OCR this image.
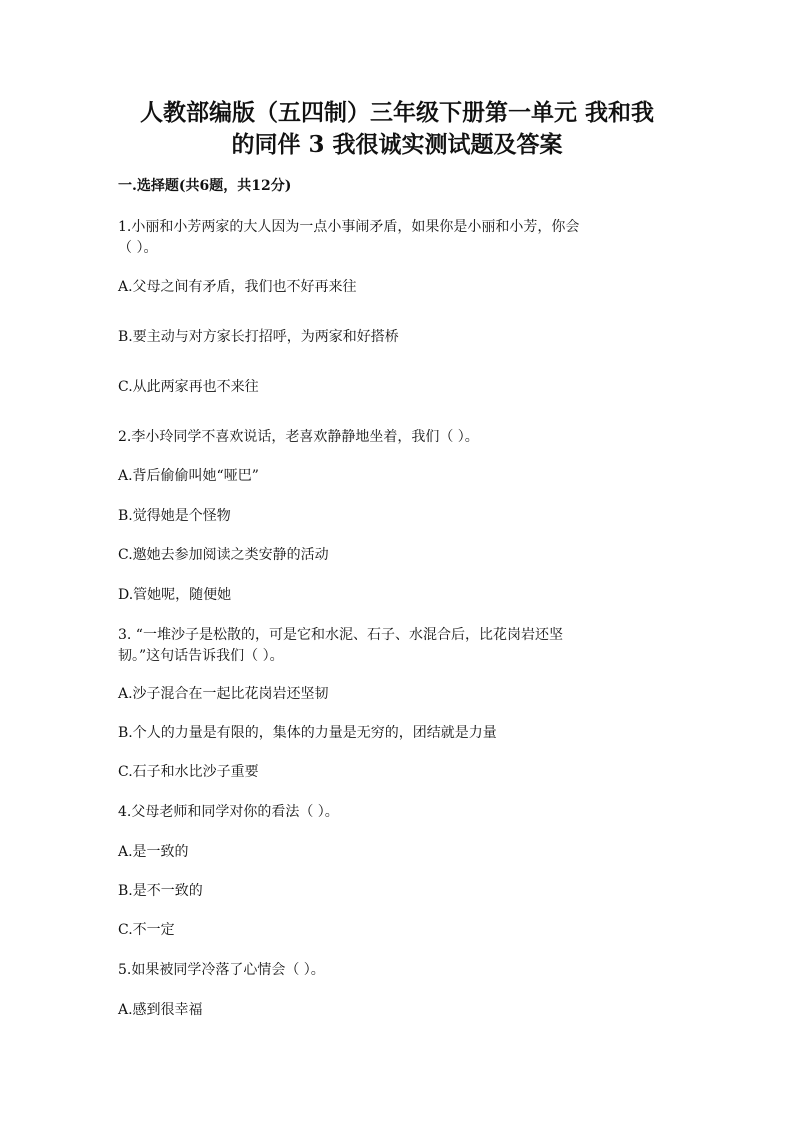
人教部编版（五四制）三年级下册第一单元 我和我
的同伴 3 我很诚实测试题及答案
一.选择题(共6题，共12分)
1.小丽和小芳两家的大人因为一点小事闹矛盾，如果你是小丽和小芳，你会
（ ）。
A.父母之间有矛盾，我们也不好再来往
B.要主动与对方家长打招呼，为两家和好搭桥
C.从此两家再也不来往
2.李小玲同学不喜欢说话，老喜欢静静地坐着，我们（ ）。
A.背后偷偷叫她“哑巴”
B.觉得她是个怪物
C.邀她去参加阅读之类安静的活动
D.管她呢，随便她
3. “一堆沙子是松散的，可是它和水泥、石子、水混合后，比花岗岩还坚
韧。”这句话告诉我们（ ）。
A.沙子混合在一起比花岗岩还坚韧
B.个人的力量是有限的，集体的力量是无穷的，团结就是力量
C.石子和水比沙子重要
4.父母老师和同学对你的看法（ ）。
A.是一致的
B.是不一致的
C.不一定
5.如果被同学冷落了心情会（ ）。
A.感到很幸福
